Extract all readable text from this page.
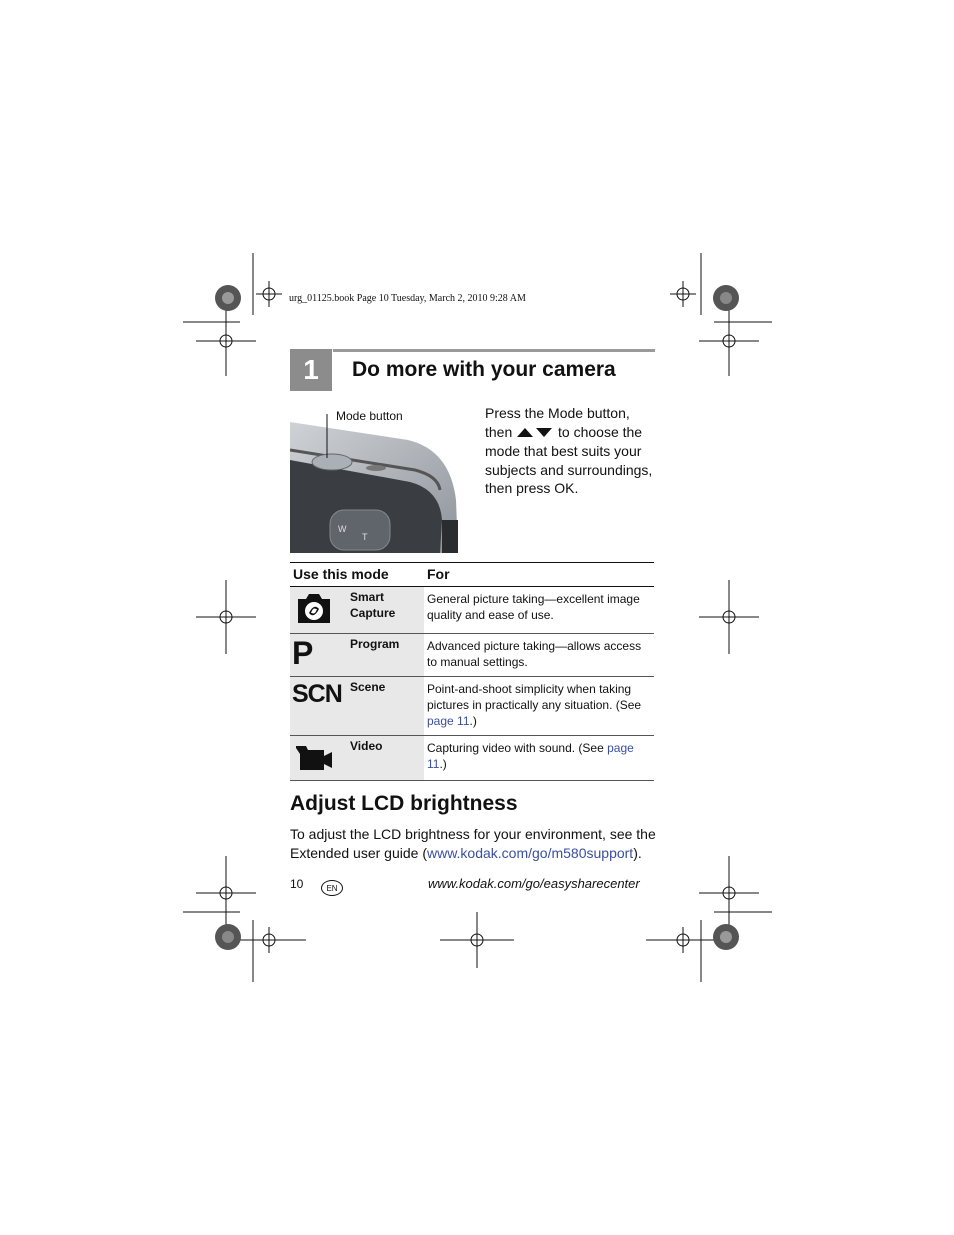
urg_01125.book Page 10 Tuesday, March 2, 2010 9:28 AM
1	Do more with your camera
W
T
Mode button	Press the Mode button, then	to choose the mode that best suits your subjects and surroundings, then press OK.
Use this mode		For
	Smart Capture	General picture taking—excellent image quality and ease of use.
P	Program	Advanced picture taking—allows access to manual settings.
SCN	Scene	Point-and-shoot simplicity when taking pictures in practically any situation. (See page 11.)
	Video	Capturing video with sound. (See page 11.)
Adjust LCD brightness
To adjust the LCD brightness for your environment, see the Extended user guide (www.kodak.com/go/m580support).
10	EN	www.kodak.com/go/easysharecenter
